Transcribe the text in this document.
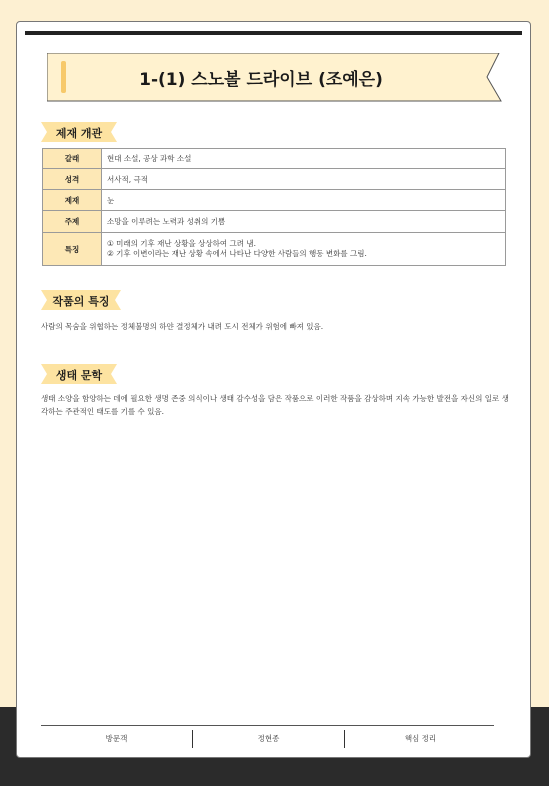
1-(1) 스노볼 드라이브 (조예은)
제재 개관
갈래	현대 소설, 공상 과학 소설
성격	서사적, 극적
제재	눈
주제	소망을 이루려는 노력과 성취의 기쁨
특징	① 미래의 기후 재난 상황을 상상하여 그려 냄.
② 기후 이변이라는 재난 상황 속에서 나타난 다양한 사람들의 행동 변화를 그림.
작품의 특징
사람의 목숨을 위협하는 정체불명의 하얀 결정체가 내려 도시 전체가 위험에 빠져 있음.
생태 문학
생태 소양을 함양하는 데에 필요한 생명 존중 의식이나 생태 감수성을 담은 작품으로 이러한 작품을 감상하며 지속 가능한 발전을 자신의 일로 생각하는 주관적인 태도를 기를 수 있음.
방문객	정현종	핵심 정리
